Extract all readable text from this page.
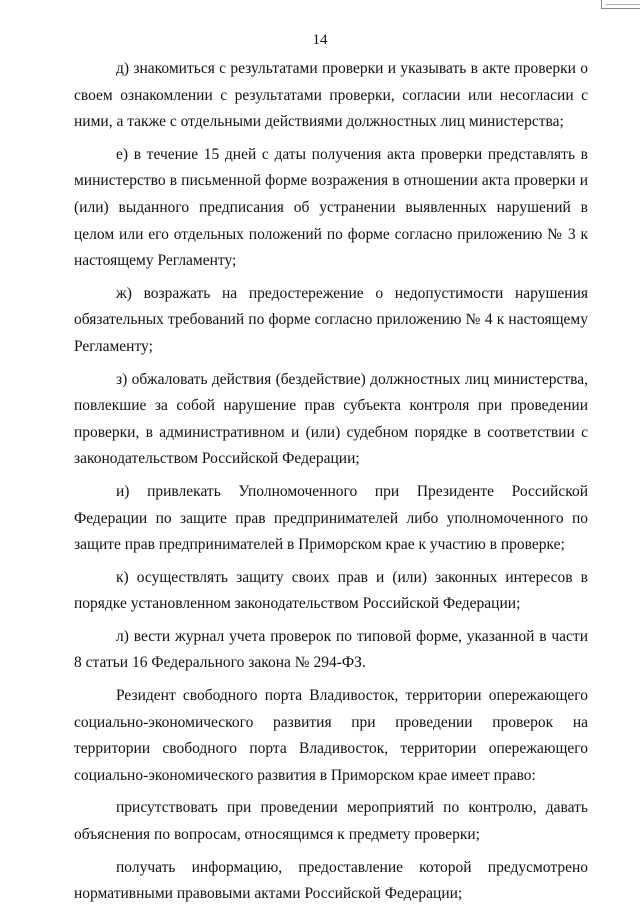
14

д) знакомиться с результатами проверки и указывать в акте проверки о своем ознакомлении с результатами проверки, согласии или несогласии с ними, а также с отдельными действиями должностных лиц министерства;

е) в течение 15 дней с даты получения акта проверки представлять в министерство в письменной форме возражения в отношении акта проверки и (или) выданного предписания об устранении выявленных нарушений в целом или его отдельных положений по форме согласно приложению № 3 к настоящему Регламенту;

ж) возражать на предостережение о недопустимости нарушения обязательных требований по форме согласно приложению № 4 к настоящему Регламенту;

з) обжаловать действия (бездействие) должностных лиц министерства, повлекшие за собой нарушение прав субъекта контроля при проведении проверки, в административном и (или) судебном порядке в соответствии с законодательством Российской Федерации;

и) привлекать Уполномоченного при Президенте Российской Федерации по защите прав предпринимателей либо уполномоченного по защите прав предпринимателей в Приморском крае к участию в проверке;

к) осуществлять защиту своих прав и (или) законных интересов в порядке установленном законодательством Российской Федерации;

л) вести журнал учета проверок по типовой форме, указанной в части 8 статьи 16 Федерального закона № 294-ФЗ.

Резидент свободного порта Владивосток, территории опережающего социально-экономического развития при проведении проверок на территории свободного порта Владивосток, территории опережающего социально-экономического развития в Приморском крае имеет право:

присутствовать при проведении мероприятий по контролю, давать объяснения по вопросам, относящимся к предмету проверки;

получать информацию, предоставление которой предусмотрено нормативными правовыми актами Российской Федерации;
